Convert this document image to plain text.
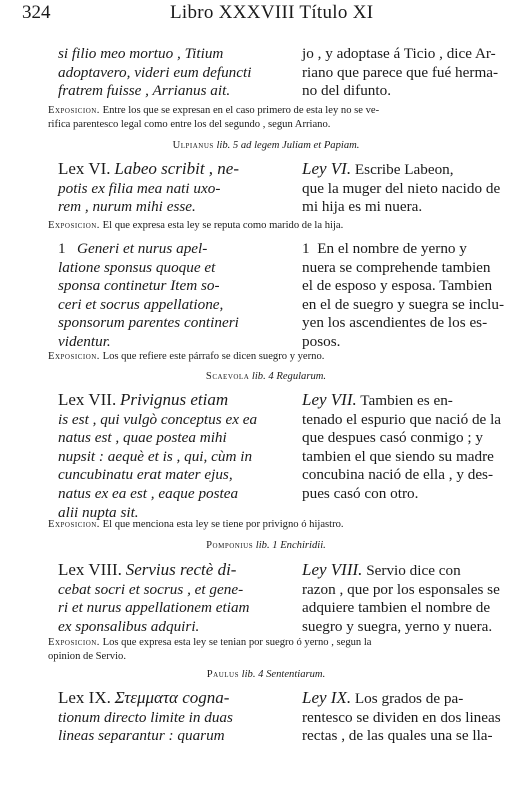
324	Libro XXXVIII Título XI
si filio meo mortuo , Titium
adoptavero, videri eum defuncti
fratrem fuisse , Arrianus ait.
jo , y adoptase á Ticio , dice Ar-
riano que parece que fué herma-
no del difunto.
Exposicion. Entre los que se expresan en el caso primero de esta ley no se ve-
rifica parentesco legal como entre los del segundo , segun Arriano.
Ulpianus lib. 5 ad legem Juliam et Papiam.
Lex VI. Labeo scribit , ne-
potis ex filia mea nati uxo-
rem , nurum mihi esse.
Ley VI. Escribe Labeon,
que la muger del nieto nacido de
mi hija es mi nuera.
Exposicion. El que expresa esta ley se reputa como marido de la hija.
1 Generi et nurus apel-
latione sponsus quoque et
sponsa continetur Item so-
ceri et socrus appellatione,
sponsorum parentes contineri
videntur.
1 En el nombre de yerno y
nuera se comprehende tambien
el de esposo y esposa. Tambien
en el de suegro y suegra se inclu-
yen los ascendientes de los es-
posos.
Exposicion. Los que refiere este párrafo se dicen suegro y yerno.
Scaevola lib. 4 Regularum.
Lex VII. Privignus etiam
is est , qui vulgò conceptus ex ea
natus est , quae postea mihi
nupsit : aequè et is , qui, cùm in
cuncubinatu erat mater ejus,
natus ex ea est , eaque postea
alii nupta sit.
Ley VII. Tambien es en-
tenado el espurio que nació de la
que despues casó conmigo ; y
tambien el que siendo su madre
concubina nació de ella , y des-
pues casó con otro.
Exposicion. El que menciona esta ley se tiene por privigno ó hijastro.
Pomponius lib. 1 Enchiridii.
Lex VIII. Servius rectè di-
cebat socri et socrus , et gene-
ri et nurus appellationem etiam
ex sponsalibus adquiri.
Ley VIII. Servio dice con
razon , que por los esponsales se
adquiere tambien el nombre de
suegro y suegra, yerno y nuera.
Exposicion. Los que expresa esta ley se tenian por suegro ó yerno , segun la
opinion de Servio.
Paulus lib. 4 Sententiarum.
Lex IX. Στεμματα cogna-
tionum directo limite in duas
lineas separantur : quarum
Ley IX. Los grados de pa-
rentesco se dividen en dos lineas
rectas , de las quales una se lla-
